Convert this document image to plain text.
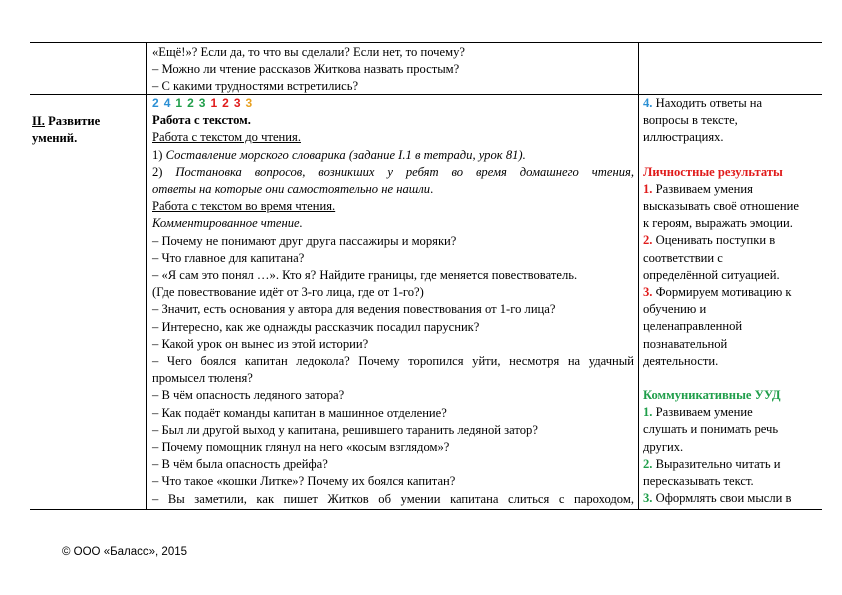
«Ещё!»? Если да, то что вы сделали? Если нет, то почему?
– Можно ли чтение рассказов Житкова назвать простым?
– С какими трудностями встретились?
II. Развитие
умений.
2 4 1 2 3 1 2 3 3
Работа с текстом.
Работа с текстом до чтения.
1) Составление морского словарика (задание I.1 в тетради, урок 81).
2) Постановка вопросов, возникших у ребят во время домашнего чтения,
ответы на которые они самостоятельно не нашли.
Работа с текстом во время чтения.
Комментированное чтение.
– Почему не понимают друг друга пассажиры и моряки?
– Что главное для капитана?
– «Я сам это понял …». Кто я? Найдите границы, где меняется повествователь.
(Где повествование идёт от 3-го лица, где от 1-го?)
– Значит, есть основания у автора для ведения повествования от 1-го лица?
– Интересно, как же однажды рассказчик посадил парусник?
– Какой урок он вынес из этой истории?
– Чего боялся капитан ледокола? Почему торопился уйти, несмотря на удачный
промысел тюленя?
– В чём опасность ледяного затора?
– Как подаёт команды капитан в машинное отделение?
– Был ли другой выход у капитана, решившего таранить ледяной затор?
– Почему помощник глянул на него «косым взглядом»?
– В чём была опасность дрейфа?
– Что такое «кошки Литке»? Почему их боялся капитан?
– Вы заметили, как пишет Житков об умении капитана слиться с пароходом,
4. Находить ответы на
вопросы в тексте,
иллюстрациях.
Личностные результаты
1. Развиваем умения
высказывать своё отношение
к героям, выражать эмоции.
2. Оценивать поступки в
соответствии с
определённой ситуацией.
3. Формируем мотивацию к
обучению и
целенаправленной
познавательной
деятельности.
Коммуникативные УУД
1. Развиваем умение
слушать и понимать речь
других.
2. Выразительно читать и
пересказывать текст.
3. Оформлять свои мысли в
© ООО «Баласс», 2015
